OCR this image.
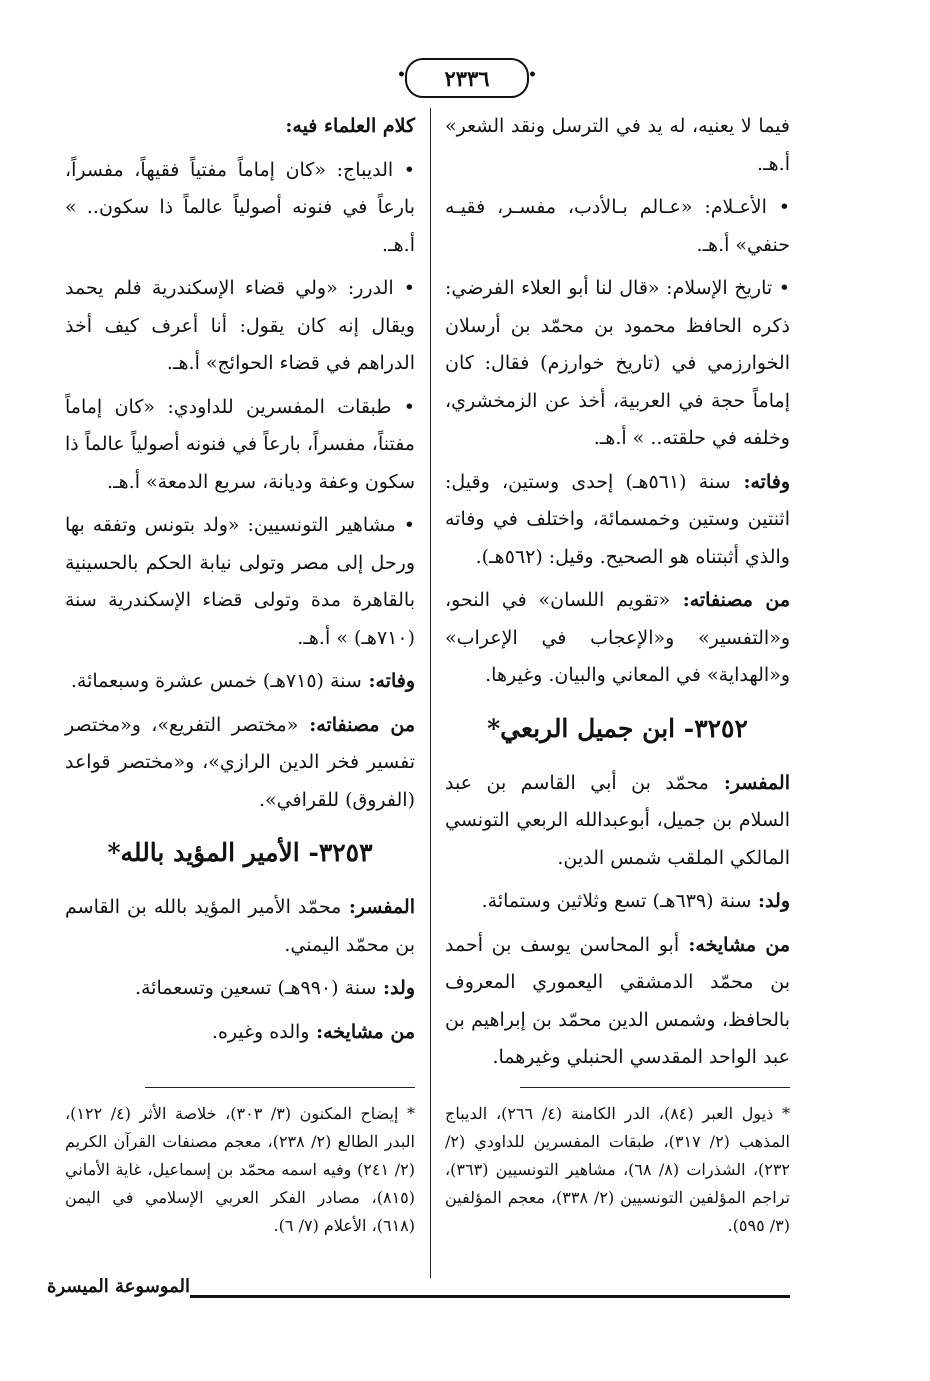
• ٢٣٣٦ •

فيما لا يعنيه، له يد في الترسل ونقد الشعر» أ.هـ.

• الأعـلام: «عـالم بـالأدب، مفسـر، فقيـه حنفي» أ.هـ.

• تاريخ الإسلام: «قال لنا أبو العلاء الفرضي: ذكره الحافظ محمود بن محمّد بن أرسلان الخوارزمي في (تاريخ خوارزم) فقال: كان إماماً حجة في العربية، أخذ عن الزمخشري، وخلفه في حلقته.. » أ.هـ.

وفاته: سنة (٥٦١هـ) إحدى وستين، وقيل: اثنتين وستين وخمسمائة، واختلف في وفاته والذي أثبتناه هو الصحيح. وقيل: (٥٦٢هـ).

من مصنفاته: «تقويم اللسان» في النحو، و«التفسير» و«الإعجاب في الإعراب» و«الهداية» في المعاني والبيان. وغيرها.

٣٢٥٢- ابن جميل الربعي*

المفسر: محمّد بن أبي القاسم بن عبد السلام بن جميل، أبوعبدالله الربعي التونسي المالكي الملقب شمس الدين.

ولد: سنة (٦٣٩هـ) تسع وثلاثين وستمائة.

من مشايخه: أبو المحاسن يوسف بن أحمد بن محمّد الدمشقي اليعموري المعروف بالحافظ، وشمس الدين محمّد بن إبراهيم بن عبد الواحد المقدسي الحنبلي وغيرهما.

كلام العلماء فيه:

• الديباج: «كان إماماً مفتياً فقيهاً، مفسراً، بارعاً في فنونه أصولياً عالماً ذا سكون.. » أ.هـ.

• الدرر: «ولي قضاء الإسكندرية فلم يحمد ويقال إنه كان يقول: أنا أعرف كيف أخذ الدراهم في قضاء الحوائج» أ.هـ.

• طبقات المفسرين للداودي: «كان إماماً مفتناً، مفسراً، بارعاً في فنونه أصولياً عالماً ذا سكون وعفة وديانة، سريع الدمعة» أ.هـ.

• مشاهير التونسيين: «ولد بتونس وتفقه بها ورحل إلى مصر وتولى نيابة الحكم بالحسينية بالقاهرة مدة وتولى قضاء الإسكندرية سنة (٧١٠هـ) » أ.هـ.

وفاته: سنة (٧١٥هـ) خمس عشرة وسبعمائة.

من مصنفاته: «مختصر التفريع»، و«مختصر تفسير فخر الدين الرازي»، و«مختصر قواعد (الفروق) للقرافي».

٣٢٥٣- الأمير المؤيد بالله*

المفسر: محمّد الأمير المؤيد بالله بن القاسم بن محمّد اليمني.

ولد: سنة (٩٩٠هـ) تسعين وتسعمائة.

من مشايخه: والده وغيره.

* ذيول العبر (٨٤)، الدر الكامنة (٤/ ٢٦٦)، الديباج المذهب (٢/ ٣١٧)، طبقات المفسرين للداودي (٢/ ٢٣٢)، الشذرات (٨/ ٦٨)، مشاهير التونسيين (٣٦٣)، تراجم المؤلفين التونسيين (٢/ ٣٣٨)، معجم المؤلفين (٣/ ٥٩٥).
* إيضاح المكنون (٣/ ٣٠٣)، خلاصة الأثر (٤/ ١٢٢)، البدر الطالع (٢/ ٢٣٨)، معجم مصنفات القرآن الكريم (٢/ ٢٤١) وفيه اسمه محمّد بن إسماعيل، غاية الأماني (٨١٥)، مصادر الفكر العربي الإسلامي في اليمن (٦١٨)، الأعلام (٧/ ٦).
الموسوعة الميسرة
